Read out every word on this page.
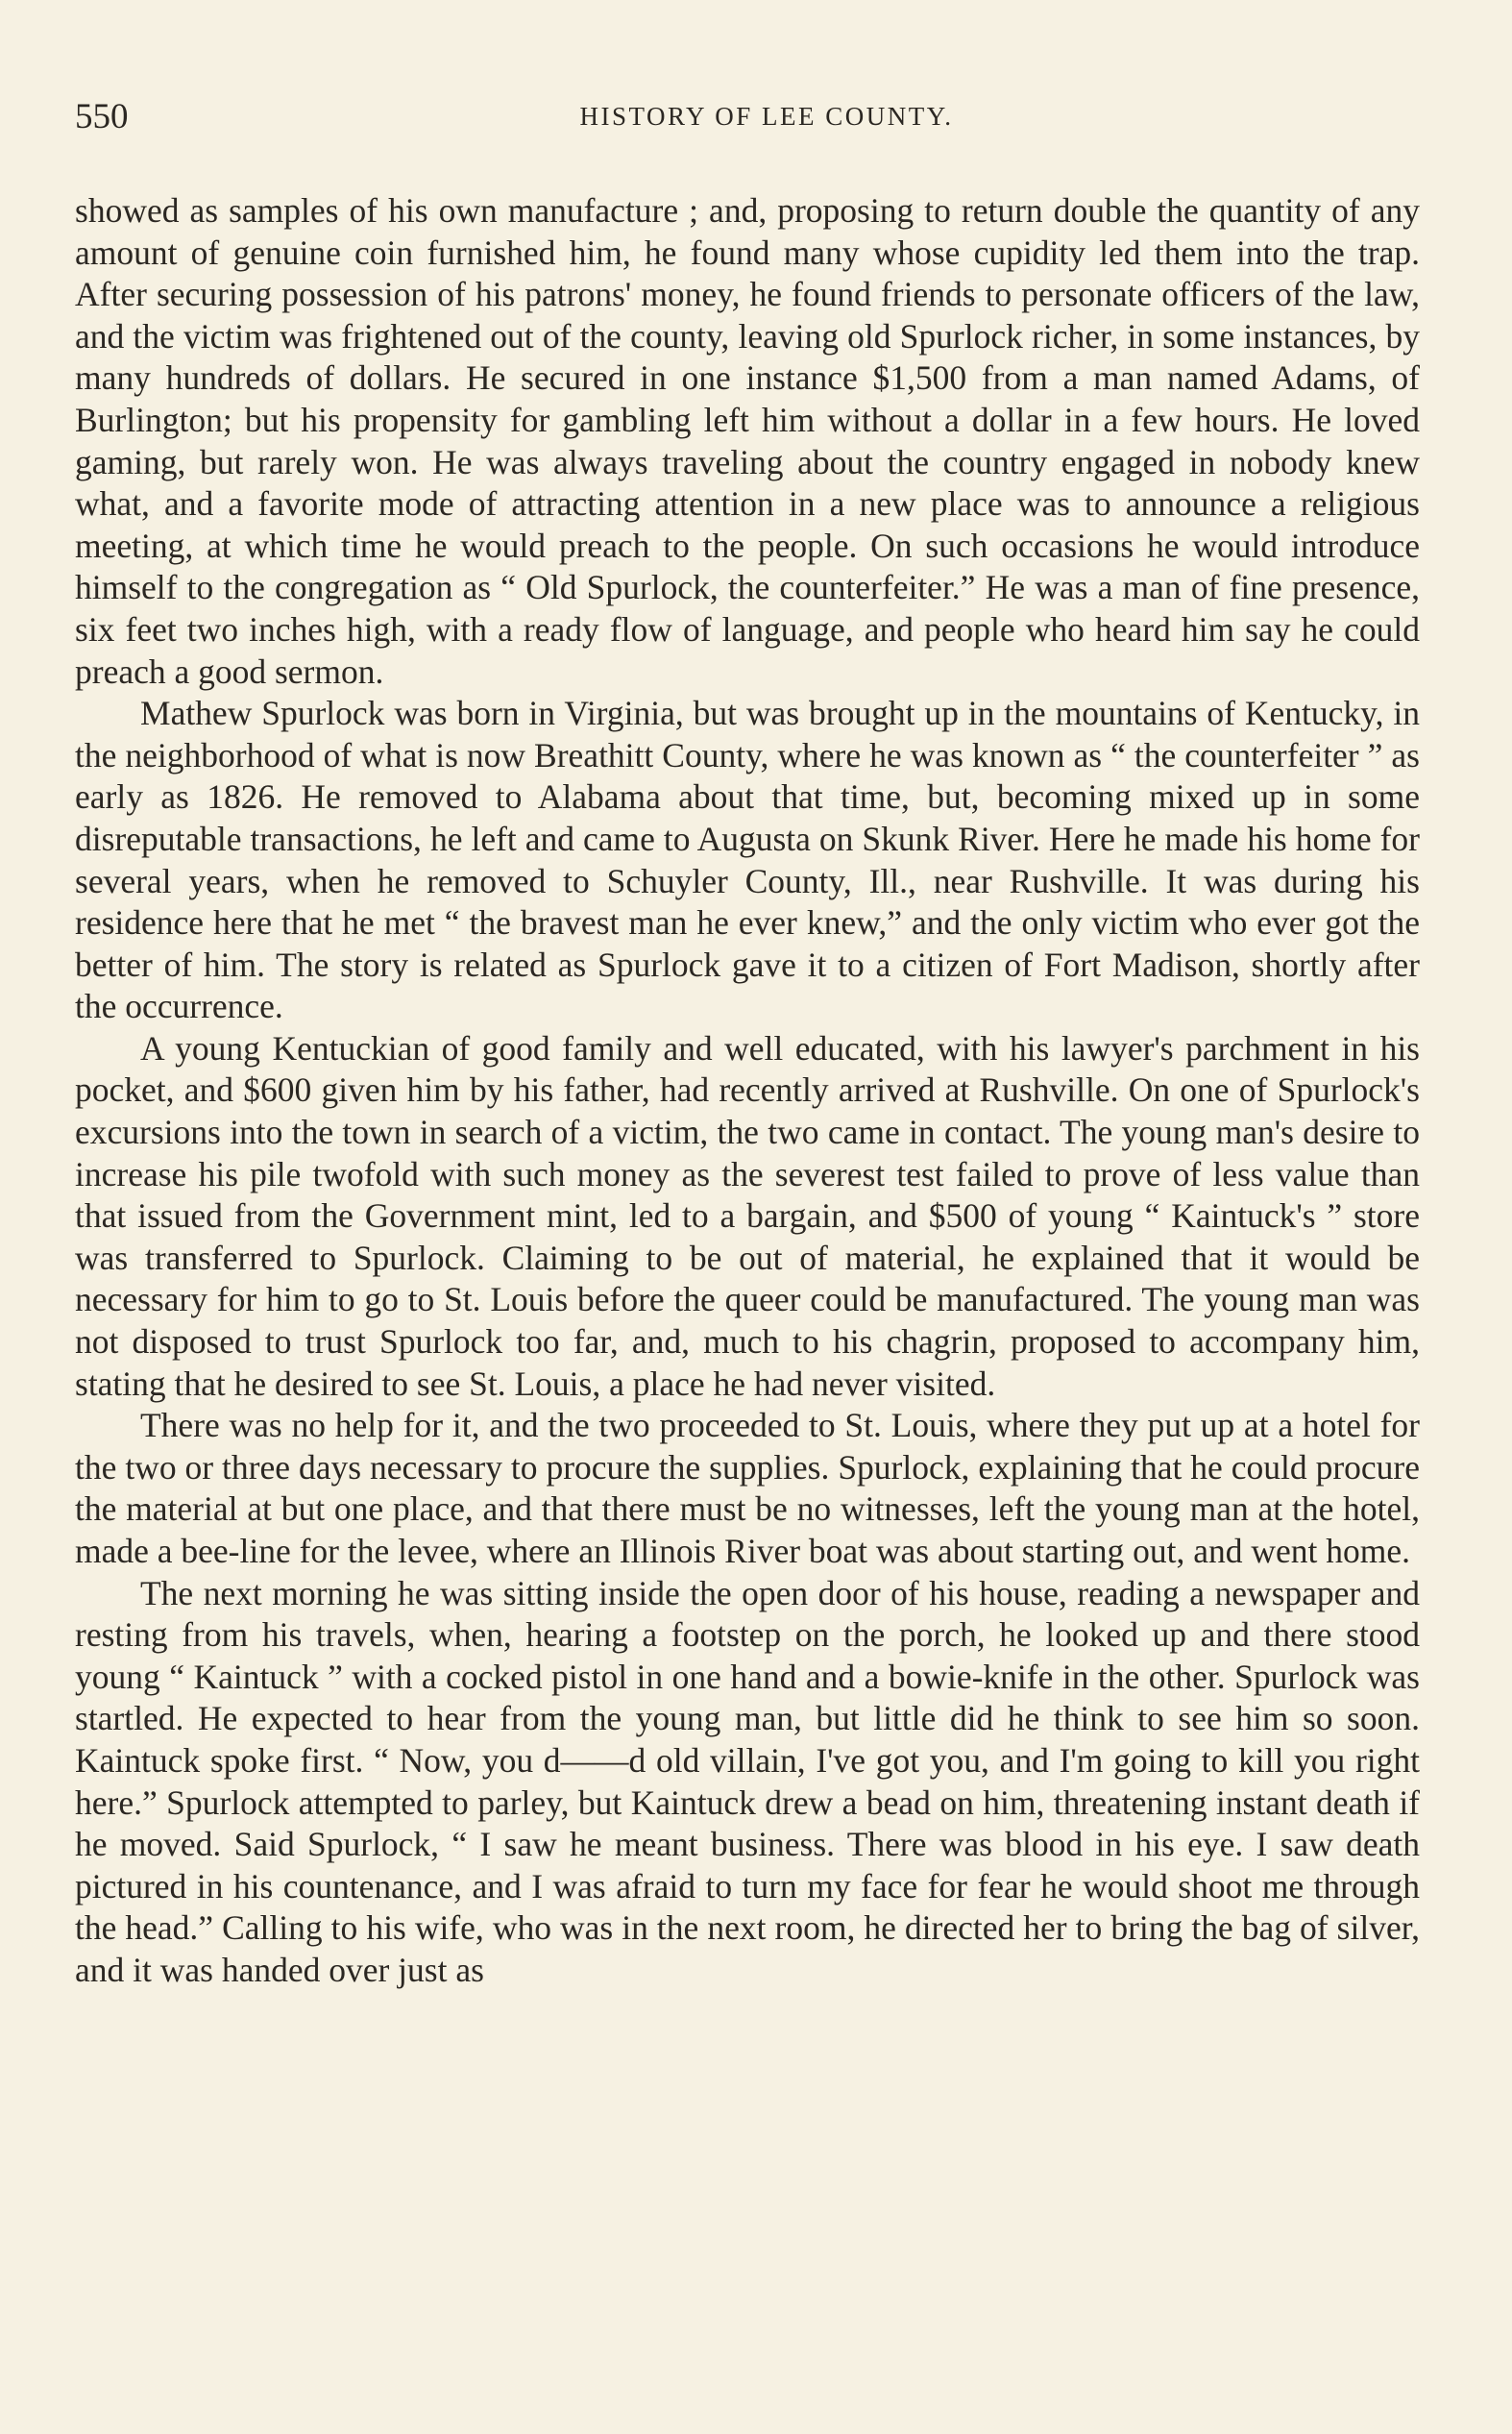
550	HISTORY OF LEE COUNTY.

showed as samples of his own manufacture ; and, proposing to return double the quantity of any amount of genuine coin furnished him, he found many whose cupidity led them into the trap. After securing possession of his patrons' money, he found friends to personate officers of the law, and the victim was frightened out of the county, leaving old Spurlock richer, in some instances, by many hundreds of dollars. He secured in one instance $1,500 from a man named Adams, of Burlington; but his propensity for gambling left him without a dollar in a few hours. He loved gaming, but rarely won. He was always traveling about the country engaged in nobody knew what, and a favorite mode of attracting attention in a new place was to announce a religious meeting, at which time he would preach to the people. On such occasions he would introduce himself to the congregation as “ Old Spurlock, the counterfeiter.” He was a man of fine presence, six feet two inches high, with a ready flow of language, and people who heard him say he could preach a good sermon.

Mathew Spurlock was born in Virginia, but was brought up in the mountains of Kentucky, in the neighborhood of what is now Breathitt County, where he was known as “ the counterfeiter ” as early as 1826. He removed to Alabama about that time, but, becoming mixed up in some disreputable transactions, he left and came to Augusta on Skunk River. Here he made his home for several years, when he removed to Schuyler County, Ill., near Rushville. It was during his residence here that he met “ the bravest man he ever knew,” and the only victim who ever got the better of him. The story is related as Spurlock gave it to a citizen of Fort Madison, shortly after the occurrence.

A young Kentuckian of good family and well educated, with his lawyer's parchment in his pocket, and $600 given him by his father, had recently arrived at Rushville. On one of Spurlock's excursions into the town in search of a victim, the two came in contact. The young man's desire to increase his pile twofold with such money as the severest test failed to prove of less value than that issued from the Government mint, led to a bargain, and $500 of young “ Kaintuck's ” store was transferred to Spurlock. Claiming to be out of material, he explained that it would be necessary for him to go to St. Louis before the queer could be manufactured. The young man was not disposed to trust Spurlock too far, and, much to his chagrin, proposed to accompany him, stating that he desired to see St. Louis, a place he had never visited.

There was no help for it, and the two proceeded to St. Louis, where they put up at a hotel for the two or three days necessary to procure the supplies. Spurlock, explaining that he could procure the material at but one place, and that there must be no witnesses, left the young man at the hotel, made a bee-line for the levee, where an Illinois River boat was about starting out, and went home.

The next morning he was sitting inside the open door of his house, reading a newspaper and resting from his travels, when, hearing a footstep on the porch, he looked up and there stood young “ Kaintuck ” with a cocked pistol in one hand and a bowie-knife in the other. Spurlock was startled. He expected to hear from the young man, but little did he think to see him so soon. Kaintuck spoke first. “ Now, you d——d old villain, I've got you, and I'm going to kill you right here.” Spurlock attempted to parley, but Kaintuck drew a bead on him, threatening instant death if he moved. Said Spurlock, “ I saw he meant business. There was blood in his eye. I saw death pictured in his countenance, and I was afraid to turn my face for fear he would shoot me through the head.” Calling to his wife, who was in the next room, he directed her to bring the bag of silver, and it was handed over just as
